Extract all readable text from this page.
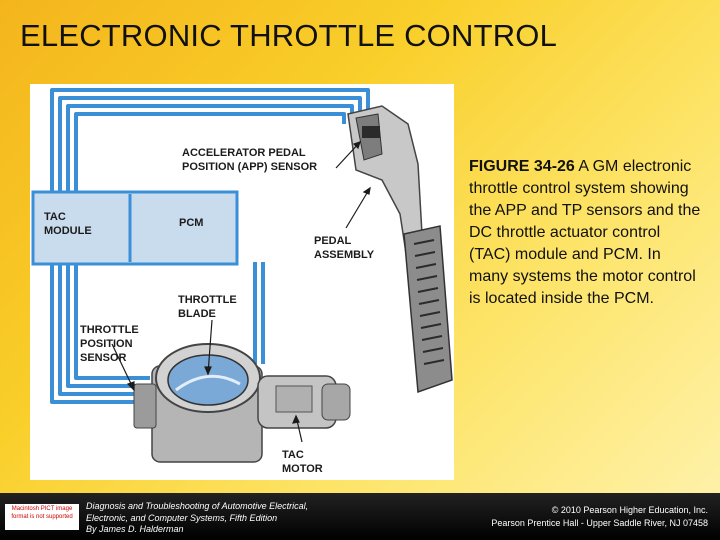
ELECTRONIC THROTTLE CONTROL
ACCELERATOR PEDAL
POSITION (APP) SENSOR
TAC
MODULE
PCM
PEDAL
ASSEMBLY
THROTTLE
BLADE
THROTTLE
POSITION
SENSOR
TAC
MOTOR
FIGURE 34-26 A GM electronic throttle control system showing the APP and TP sensors and the DC throttle actuator control (TAC) module and PCM. In many systems the motor control is located inside the PCM.
Macintosh PICT image format is not supported
Diagnosis and Troubleshooting of Automotive Electrical,
Electronic, and Computer Systems, Fifth Edition
By James D. Halderman
© 2010 Pearson Higher Education, Inc.
Pearson Prentice Hall - Upper Saddle River, NJ 07458
